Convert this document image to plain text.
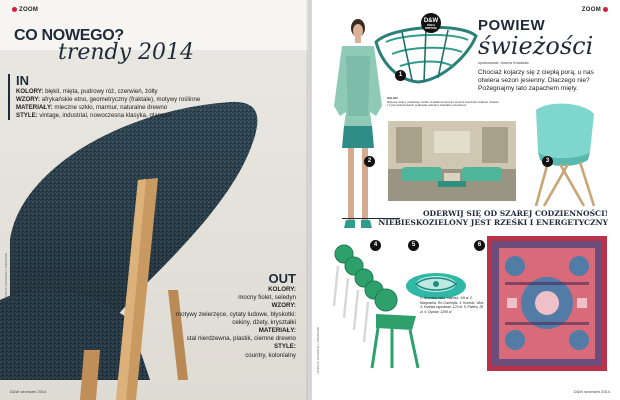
ZOOM
CO NOWEGO?
trendy 2014
IN
KOLORY: błękit, mięta, pudrowy róż, czerwień, żółty
WZORY: afrykańskie etno, geometryczny (fraktale), motywy roślinne
MATERIAŁY: mleczne szkło, marmur, naturalne drewno
STYLE: vintage, industrial, nowoczesna klasyka, glamour
OUT
KOLORY:
mocny fiolet, seledyn
WZORY:
motywy zwierzęce, cytaty ludowe, błyskotki: cekiny, dżety, kryształki
MATERIAŁY:
stal nierdzewna, plastik, ciemne drewno
STYLE:
country, kolonialny
ZDJĘCIA: MATERIAŁY PRASOWE
D&W wrzesień 2014
ZOOM
2
1
D&W
DOM & WNĘTRZE	POWIEW
świeżości
opracowanie: Joanna Kowalska
Chociaż kojarzy się z ciepłą porą, u nas otwiera sezon jesienny. Dlaczego nie? Pożegnajmy lato zapachem mięty.
SALON
Miętowe ściany, pastelowe meble i dodatki wnoszą do wnętrza świeżość i lekkość. Zestaw z żywą zielenią tkanin podkreśla naturalny charakter przestrzeni.
3
ODERWIJ SIĘ OD SZAREJ CODZIENNOŚCI!
NIEBIESKOZIELONY JEST RZEŚKI I ENERGETYCZNY
4	5	6
1. Ażurowa misa, marmur, 1/9 zł. 2. Marynarka, Ro Concepts. 3. Krzesło, Vitra. 4. Krzesła ogrodowe, 120 zł. 5. Patera, 28 zł. 6. Dywan, 1200 zł
ZDJĘCIA: MATERIAŁY PRASOWE
D&W wrzesień 2014
